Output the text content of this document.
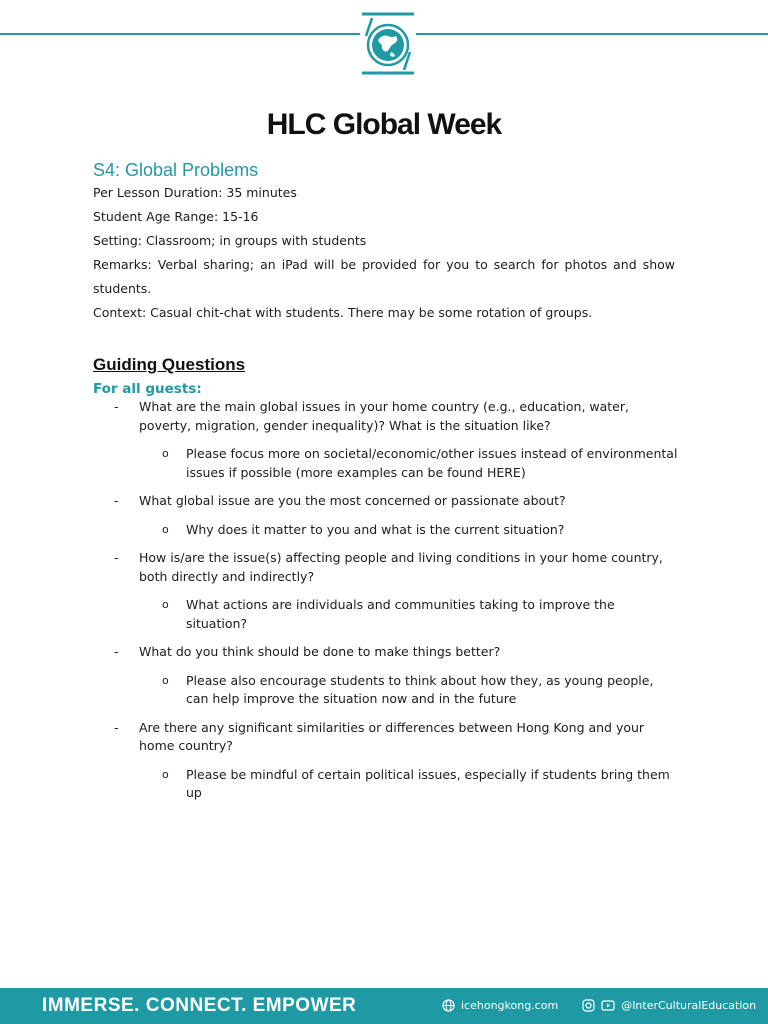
HLC Global Week
S4: Global Problems

Per Lesson Duration: 35 minutes

Student Age Range: 15-16

Setting: Classroom; in groups with students

Remarks: Verbal sharing; an iPad will be provided for you to search for photos and show students.

Context: Casual chit-chat with students. There may be some rotation of groups.

Guiding Questions
For all guests:
- What are the main global issues in your home country (e.g., education, water, poverty, migration, gender inequality)? What is the situation like?
o Please focus more on societal/economic/other issues instead of environmental issues if possible (more examples can be found HERE)
- What global issue are you the most concerned or passionate about?
o Why does it matter to you and what is the current situation?
- How is/are the issue(s) affecting people and living conditions in your home country, both directly and indirectly?
o What actions are individuals and communities taking to improve the situation?
- What do you think should be done to make things better?
o Please also encourage students to think about how they, as young people, can help improve the situation now and in the future
- Are there any significant similarities or differences between Hong Kong and your home country?
o Please be mindful of certain political issues, especially if students bring them up
IMMERSE. CONNECT. EMPOWER	icehongkong.com	@InterCulturalEducation
